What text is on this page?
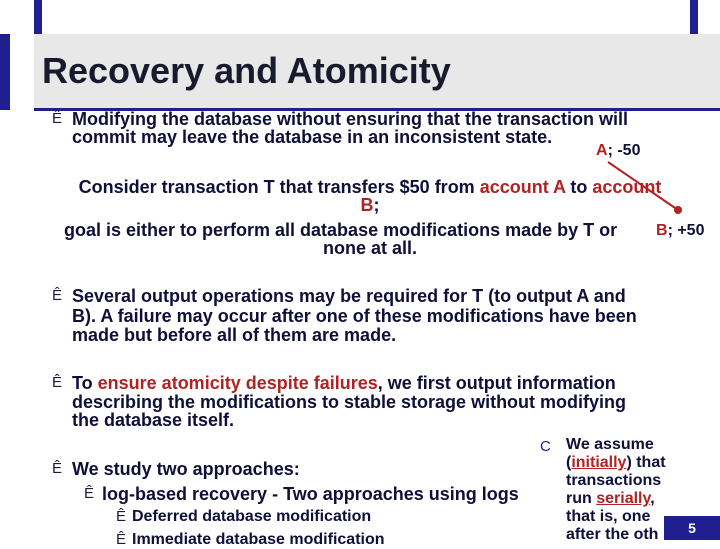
Recovery and Atomicity
Ê Modifying the database without ensuring that the transaction will
commit may leave the database in an inconsistent state.
A; -50
Consider transaction T that transfers $50 from account A to account
B;
goal is either to perform all database modifications made by T or
none at all.
B; +50
Ê Several output operations may be required for T (to output A and
B). A failure may occur after one of these modifications have been
made but before all of them are made.
Ê To ensure atomicity despite failures, we first output information
describing the modifications to stable storage without modifying
the database itself.
Ê We study two approaches:
Ê log-based recovery - Two approaches using logs
Ê Deferred database modification
Ê Immediate database modification
C We assume
(initially) that
transactions
run serially,
that is, one
after the oth	5
